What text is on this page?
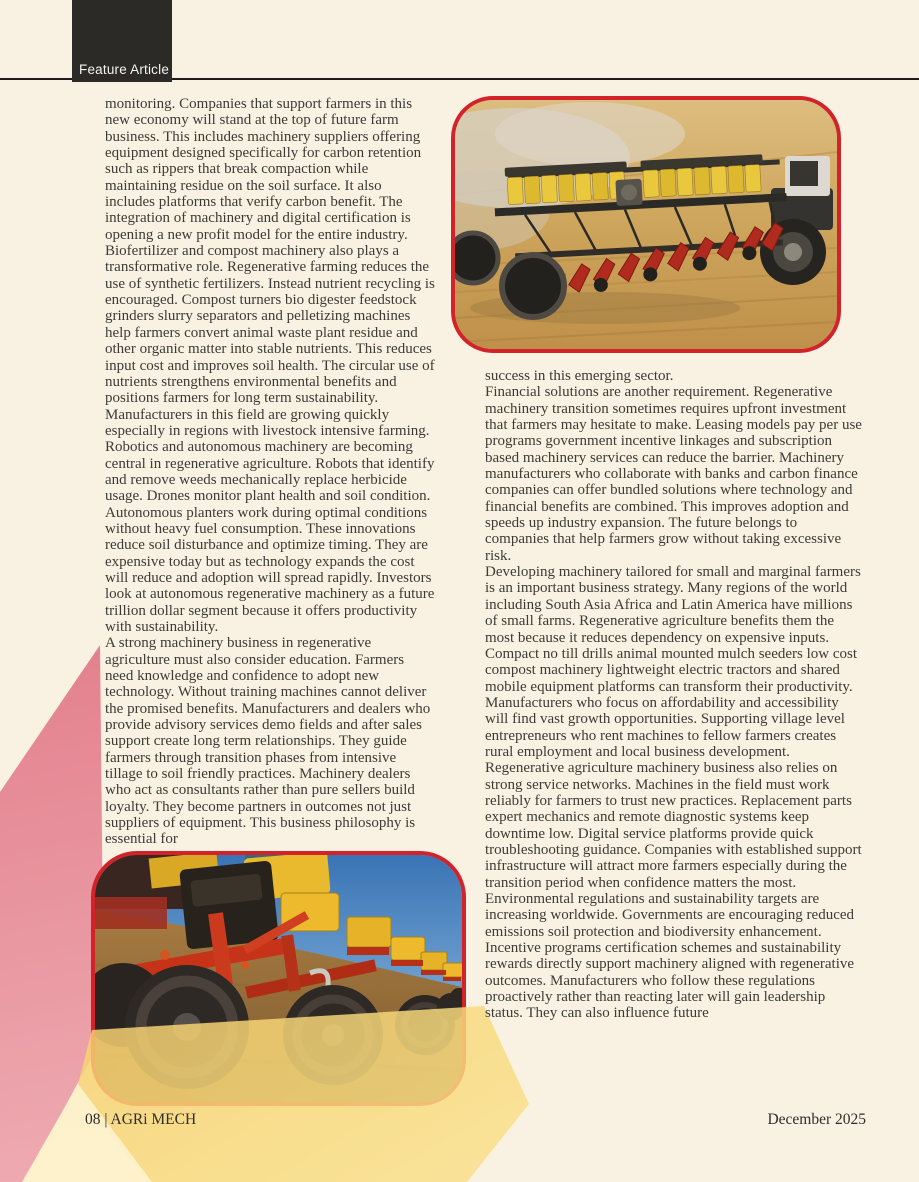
Feature Article

monitoring. Companies that support farmers in this new economy will stand at the top of future farm business. This includes machinery suppliers offering equipment designed specifically for carbon retention such as rippers that break compaction while maintaining residue on the soil surface. It also includes platforms that verify carbon benefit. The integration of machinery and digital certification is opening a new profit model for the entire industry.

Biofertilizer and compost machinery also plays a transformative role. Regenerative farming reduces the use of synthetic fertilizers. Instead nutrient recycling is encouraged. Compost turners bio digester feedstock grinders slurry separators and pelletizing machines help farmers convert animal waste plant residue and other organic matter into stable nutrients. This reduces input cost and improves soil health. The circular use of nutrients strengthens environmental benefits and positions farmers for long term sustainability. Manufacturers in this field are growing quickly especially in regions with livestock intensive farming.

Robotics and autonomous machinery are becoming central in regenerative agriculture. Robots that identify and remove weeds mechanically replace herbicide usage. Drones monitor plant health and soil condition. Autonomous planters work during optimal conditions without heavy fuel consumption. These innovations reduce soil disturbance and optimize timing. They are expensive today but as technology expands the cost will reduce and adoption will spread rapidly. Investors look at autonomous regenerative machinery as a future trillion dollar segment because it offers productivity with sustainability.

A strong machinery business in regenerative agriculture must also consider education. Farmers need knowledge and confidence to adopt new technology. Without training machines cannot deliver the promised benefits. Manufacturers and dealers who provide advisory services demo fields and after sales support create long term relationships. They guide farmers through transition phases from intensive tillage to soil friendly practices. Machinery dealers who act as consultants rather than pure sellers build loyalty. They become partners in outcomes not just suppliers of equipment. This business philosophy is essential for

success in this emerging sector.

Financial solutions are another requirement. Regenerative machinery transition sometimes requires upfront investment that farmers may hesitate to make. Leasing models pay per use programs government incentive linkages and subscription based machinery services can reduce the barrier. Machinery manufacturers who collaborate with banks and carbon finance companies can offer bundled solutions where technology and financial benefits are combined. This improves adoption and speeds up industry expansion. The future belongs to companies that help farmers grow without taking excessive risk.

Developing machinery tailored for small and marginal farmers is an important business strategy. Many regions of the world including South Asia Africa and Latin America have millions of small farms. Regenerative agriculture benefits them the most because it reduces dependency on expensive inputs. Compact no till drills animal mounted mulch seeders low cost compost machinery lightweight electric tractors and shared mobile equipment platforms can transform their productivity. Manufacturers who focus on affordability and accessibility will find vast growth opportunities. Supporting village level entrepreneurs who rent machines to fellow farmers creates rural employment and local business development.

Regenerative agriculture machinery business also relies on strong service networks. Machines in the field must work reliably for farmers to trust new practices. Replacement parts expert mechanics and remote diagnostic systems keep downtime low. Digital service platforms provide quick troubleshooting guidance. Companies with established support infrastructure will attract more farmers especially during the transition period when confidence matters the most.

Environmental regulations and sustainability targets are increasing worldwide. Governments are encouraging reduced emissions soil protection and biodiversity enhancement. Incentive programs certification schemes and sustainability rewards directly support machinery aligned with regenerative outcomes. Manufacturers who follow these regulations proactively rather than reacting later will gain leadership status. They can also influence future

08 | AGRi MECH	December 2025
